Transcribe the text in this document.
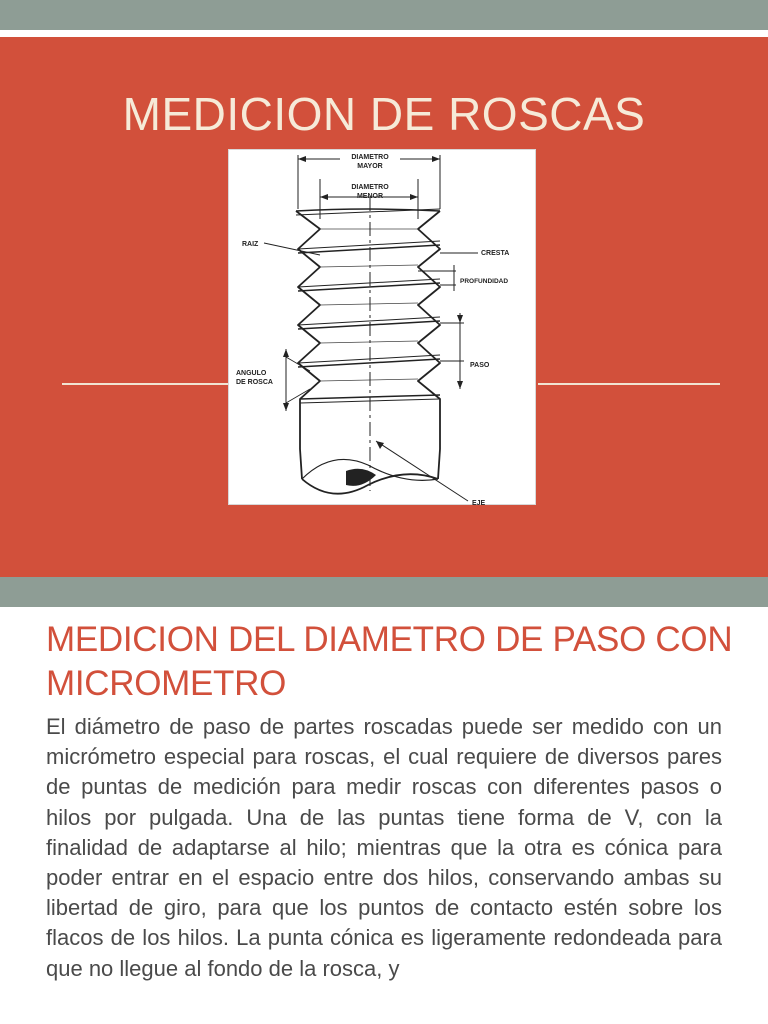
MEDICION DE ROSCAS
DIAMETRO
MAYOR
DIAMETRO
MENOR
RAIZ
CRESTA
PROFUNDIDAD
PASO
ANGULO
DE ROSCA
EJE
MEDICION DEL DIAMETRO DE PASO CON MICROMETRO

El diámetro de paso de partes roscadas puede ser medido con un micrómetro especial para roscas, el cual requiere de diversos pares de puntas de medición para medir roscas con diferentes pasos o hilos por pulgada. Una de las puntas tiene forma de V, con la finalidad de adaptarse al hilo; mientras que la otra es cónica para poder entrar en el espacio entre dos hilos, conservando ambas su libertad de giro, para que los puntos de contacto estén sobre los flacos de los hilos. La punta cónica es ligeramente redondeada para que no llegue al fondo de la rosca, y
